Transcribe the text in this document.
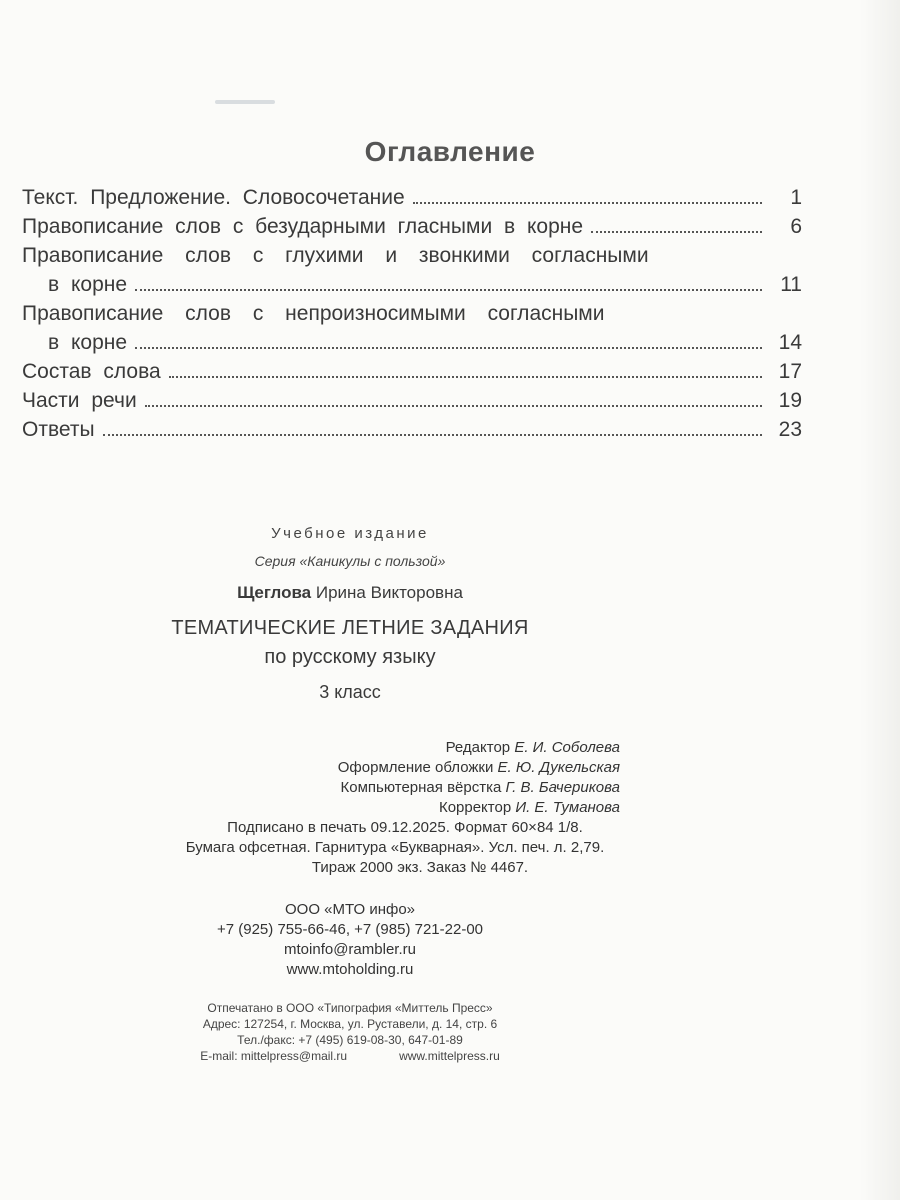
Оглавление
Текст. Предложение. Словосочетание	1
Правописание слов с безударными гласными в корне	6
Правописание слов с глухими и звонкими согласными
в корне	11
Правописание слов с непроизносимыми согласными
в корне	14
Состав слова	17
Части речи	19
Ответы	23
Учебное издание
Серия «Каникулы с пользой»
Щеглова Ирина Викторовна
ТЕМАТИЧЕСКИЕ ЛЕТНИЕ ЗАДАНИЯ
по русскому языку
3 класс
Редактор Е. И. Соболева
Оформление обложки Е. Ю. Дукельская
Компьютерная вёрстка Г. В. Бачерикова
Корректор И. Е. Туманова
Подписано в печать 09.12.2025. Формат 60×84 1/8.
Бумага офсетная. Гарнитура «Букварная». Усл. печ. л. 2,79.
Тираж 2000 экз. Заказ № 4467.
ООО «МТО инфо»
+7 (925) 755-66-46, +7 (985) 721-22-00
mtoinfo@rambler.ru
www.mtoholding.ru
Отпечатано в ООО «Типография «Миттель Пресс»
Адрес: 127254, г. Москва, ул. Руставели, д. 14, стр. 6
Тел./факс: +7 (495) 619-08-30, 647-01-89
E-mail: mittelpress@mail.ru	www.mittelpress.ru
